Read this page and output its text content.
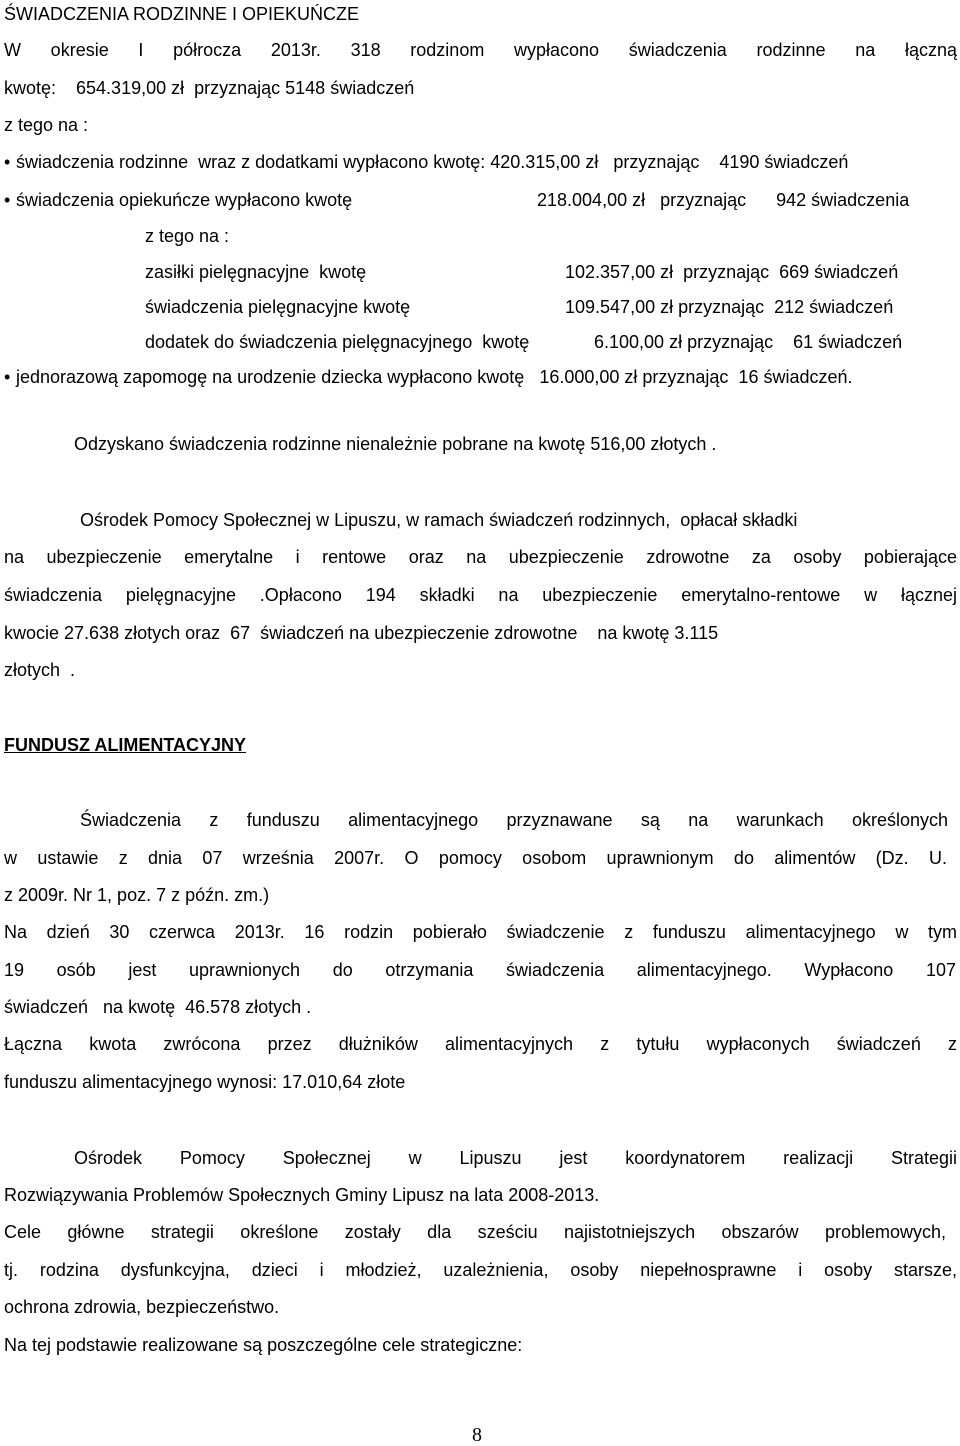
ŚWIADCZENIA RODZINNE I OPIEKUŃCZE
W okresie I półrocza 2013r. 318 rodzinom wypłacono świadczenia rodzinne na łączną
kwotę:    654.319,00 zł  przyznając 5148 świadczeń
z tego na :
• świadczenia rodzinne  wraz z dodatkami wypłacono kwotę: 420.315,00 zł   przyznając    4190 świadczeń
• świadczenia opiekuńcze wypłacono kwotę	218.004,00 zł   przyznając      942 świadczenia
z tego na :
zasiłki pielęgnacyjne  kwotę	102.357,00 zł  przyznając  669 świadczeń
świadczenia pielęgnacyjne kwotę	109.547,00 zł przyznając  212 świadczeń
dodatek do świadczenia pielęgnacyjnego  kwotę	6.100,00 zł przyznając    61 świadczeń
• jednorazową zapomogę na urodzenie dziecka wypłacono kwotę   16.000,00 zł przyznając  16 świadczeń.
Odzyskano świadczenia rodzinne nienależnie pobrane na kwotę 516,00 złotych .
Ośrodek Pomocy Społecznej w Lipuszu, w ramach świadczeń rodzinnych,  opłacał składki
na ubezpieczenie emerytalne i rentowe oraz na ubezpieczenie zdrowotne za osoby pobierające
świadczenia pielęgnacyjne .Opłacono 194 składki na ubezpieczenie emerytalno-rentowe w łącznej
kwocie 27.638 złotych oraz  67  świadczeń na ubezpieczenie zdrowotne    na kwotę 3.115
złotych  .
FUNDUSZ ALIMENTACYJNY
Świadczenia z funduszu alimentacyjnego przyznawane są na warunkach określonych
w ustawie z dnia 07 września 2007r. O pomocy osobom uprawnionym do alimentów (Dz. U.
z 2009r. Nr 1, poz. 7 z późn. zm.)
Na dzień 30 czerwca 2013r. 16 rodzin pobierało świadczenie z funduszu alimentacyjnego w tym
19 osób jest uprawnionych do otrzymania świadczenia alimentacyjnego. Wypłacono 107
świadczeń   na kwotę  46.578 złotych .
Łączna kwota zwrócona przez dłużników alimentacyjnych z tytułu wypłaconych świadczeń z
funduszu alimentacyjnego wynosi: 17.010,64 złote
Ośrodek Pomocy Społecznej w Lipuszu jest koordynatorem realizacji Strategii
Rozwiązywania Problemów Społecznych Gminy Lipusz na lata 2008-2013.
Cele główne strategii określone zostały dla sześciu najistotniejszych obszarów problemowych,
tj. rodzina dysfunkcyjna, dzieci i młodzież, uzależnienia, osoby niepełnosprawne i osoby starsze,
ochrona zdrowia, bezpieczeństwo.
Na tej podstawie realizowane są poszczególne cele strategiczne:
8
